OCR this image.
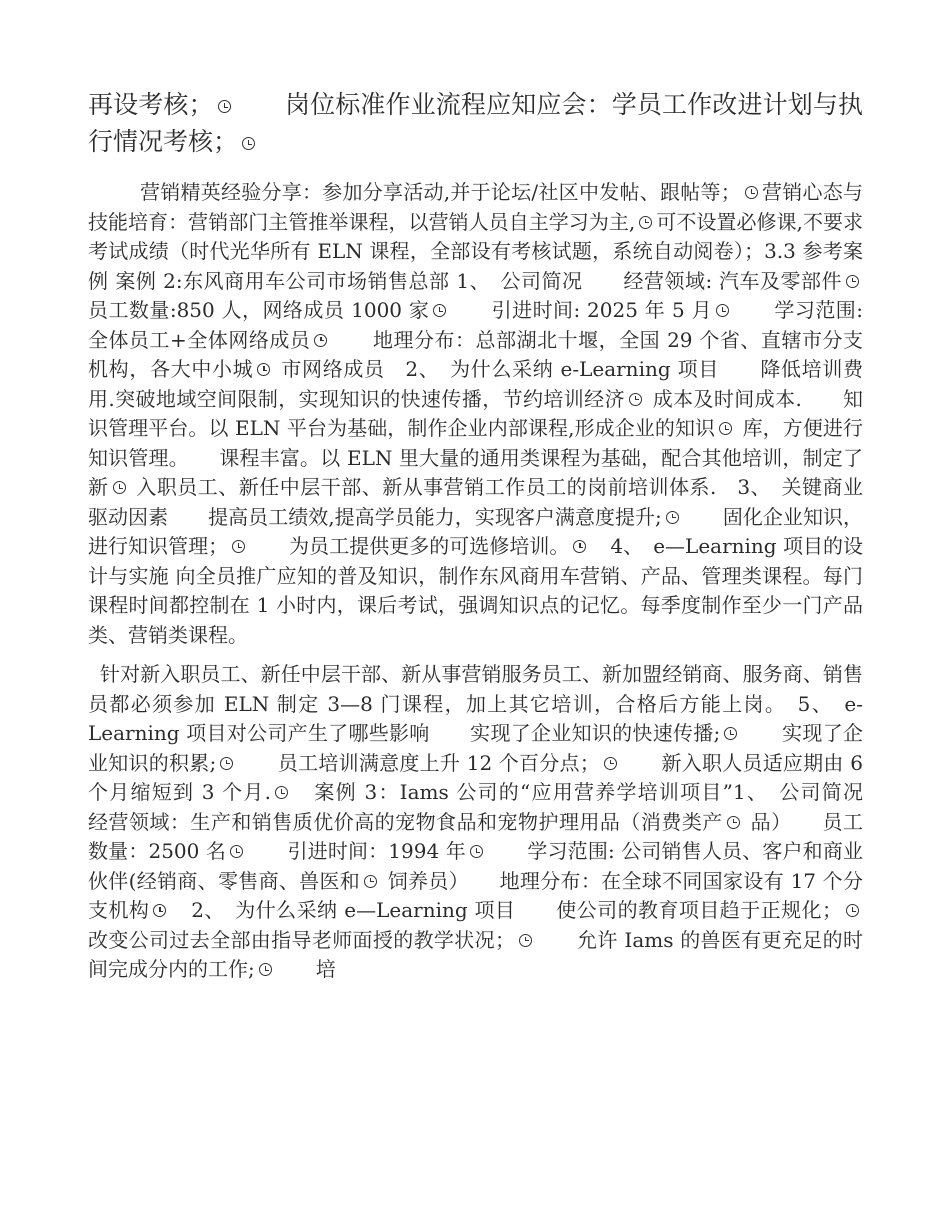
再设考核；　　岗位标准作业流程应知应会：学员工作改进计划与执行情况考核；

营销精英经验分享：参加分享活动,并于论坛/社区中发帖、跟帖等； 营销心态与技能培育：营销部门主管推举课程，以营销人员自主学习为主, 可不设置必修课,不要求考试成绩（时代光华所有 ELN 课程，全部设有考核试题，系统自动阅卷）；3.3 参考案例 案例 2:东风商用车公司市场销售总部 1、　公司简况　　经营领域: 汽车及零部件　　员工数量:850 人，网络成员 1000 家　　引进时间: 2025 年 5 月　　学习范围: 全体员工+全体网络成员　　地理分布：总部湖北十堰，全国 29 个省、直辖市分支机构，各大中小城 市网络成员　2、　为什么采纳 e-Learning 项目　　降低培训费用.突破地域空间限制，实现知识的快速传播，节约培训经济 成本及时间成本.　　知识管理平台。以 ELN 平台为基础，制作企业内部课程,形成企业的知识 库，方便进行知识管理。　　课程丰富。以 ELN 里大量的通用类课程为基础，配合其他培训，制定了新 入职员工、新任中层干部、新从事营销工作员工的岗前培训体系.　3、　关键商业驱动因素　　提高员工绩效,提高学员能力，实现客户满意度提升;　　固化企业知识，进行知识管理；　　为员工提供更多的可选修培训。　4、　e—Learning 项目的设计与实施 向全员推广应知的普及知识，制作东风商用车营销、产品、管理类课程。每门课程时间都控制在 1 小时内，课后考试，强调知识点的记忆。每季度制作至少一门产品类、营销类课程。

针对新入职员工、新任中层干部、新从事营销服务员工、新加盟经销商、服务商、销售员都必须参加 ELN 制定 3—8 门课程，加上其它培训，合格后方能上岗。　5、　e-Learning 项目对公司产生了哪些影响　　实现了企业知识的快速传播;　　实现了企业知识的积累;　　员工培训满意度上升 12 个百分点；　　新入职人员适应期由 6 个月缩短到 3 个月.　案例 3：Iams 公司的“应用营养学培训项目”1、　公司简况　　经营领域：生产和销售质优价高的宠物食品和宠物护理用品（消费类产 品）　　员工数量：2500 名　　引进时间：1994 年　　学习范围: 公司销售人员、客户和商业伙伴(经销商、零售商、兽医和 饲养员）　　地理分布：在全球不同国家设有 17 个分支机构　2、　为什么采纳 e—Learning 项目　　使公司的教育项目趋于正规化；　　改变公司过去全部由指导老师面授的教学状况；　　允许 Iams 的兽医有更充足的时间完成分内的工作;　　培
